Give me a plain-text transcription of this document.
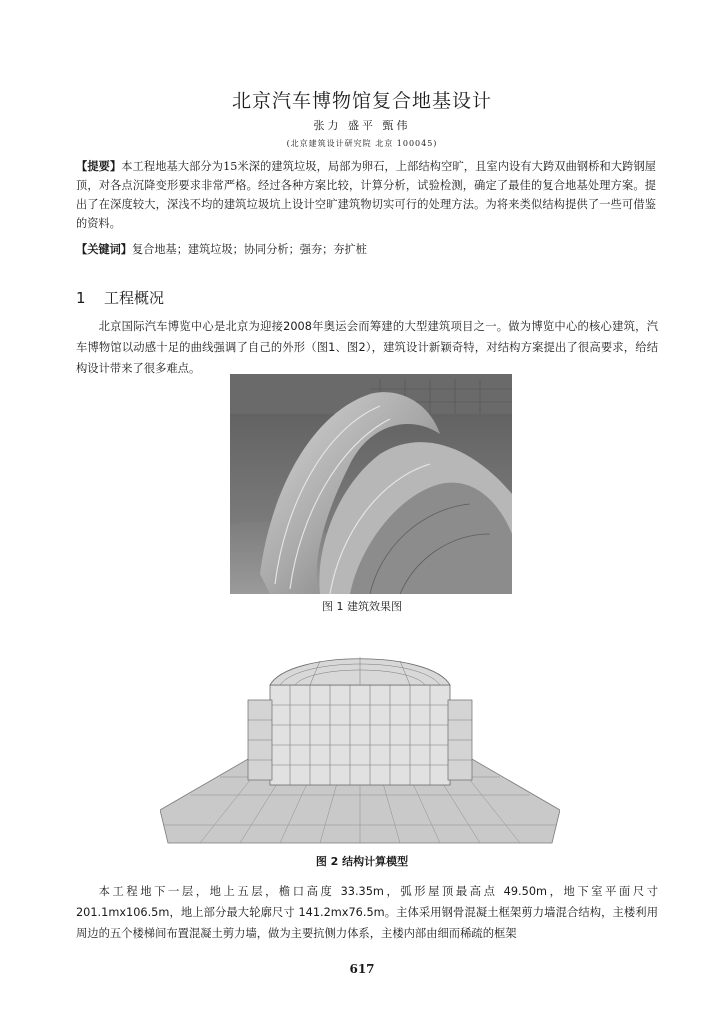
北京汽车博物馆复合地基设计
张力 盛平 甄伟
(北京建筑设计研究院 北京 100045)
【提要】本工程地基大部分为15米深的建筑垃圾，局部为卵石，上部结构空旷，且室内设有大跨双曲钢桥和大跨钢屋顶，对各点沉降变形要求非常严格。经过各种方案比较，计算分析，试验检测，确定了最佳的复合地基处理方案。提出了在深度较大，深浅不均的建筑垃圾坑上设计空旷建筑物切实可行的处理方法。为将来类似结构提供了一些可借鉴的资料。
【关键词】复合地基；建筑垃圾；协同分析；强夯；夯扩桩
1 工程概况
北京国际汽车博览中心是北京为迎接2008年奥运会而筹建的大型建筑项目之一。做为博览中心的核心建筑，汽车博物馆以动感十足的曲线强调了自己的外形（图1、图2），建筑设计新颖奇特，对结构方案提出了很高要求，给结构设计带来了很多难点。
图 1 建筑效果图
图 2 结构计算模型
本工程地下一层，地上五层，檐口高度 33.35m，弧形屋顶最高点 49.50m，地下室平面尺寸 201.1mx106.5m，地上部分最大轮廓尺寸 141.2mx76.5m。主体采用钢骨混凝土框架剪力墙混合结构，主楼利用周边的五个楼梯间布置混凝土剪力墙，做为主要抗侧力体系，主楼内部由细而稀疏的框架
617
